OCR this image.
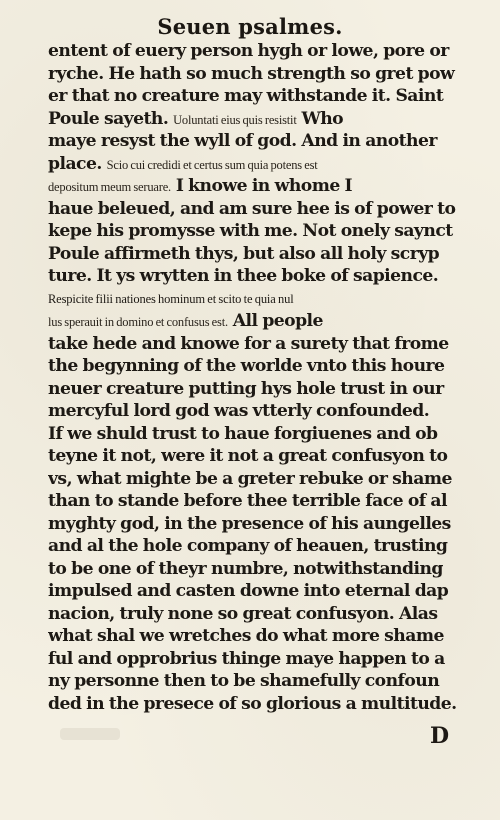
Seuen psalmes.
entent of euery person hygh or lowe, pore or
ryche. He hath so much strength so gret pow
er that no creature may withstande it. Saint
Poule sayeth. Uoluntati eius quis resistit Who
maye resyst the wyll of god. And in another
place. Scio cui credidi et certus sum quia potens est
depositum meum seruare. I knowe in whome I
haue beleued, and am sure hee is of power to
kepe his promysse with me. Not onely saynct
Poule affirmeth thys, but also all holy scryp
ture. It ys wrytten in thee boke of sapience.
Respicite filii nationes hominum et scito te quia nul
lus sperauit in domino et confusus est. All people
take hede and knowe for a surety that frome
the begynning of the worlde vnto this houre
neuer creature putting hys hole trust in our
mercyful lord god was vtterly confounded.
If we shuld trust to haue forgiuenes and ob
teyne it not, were it not a great confusyon to
vs, what mighte be a greter rebuke or shame
than to stande before thee terrible face of al
myghty god, in the presence of his aungelles
and al the hole company of heauen, trusting
to be one of theyr numbre, notwithstanding
impulsed and casten downe into eternal dap
nacion, truly none so great confusyon. Alas
what shal we wretches do what more shame
ful and opprobrius thinge maye happen to a
ny personne then to be shamefully confoun
ded in the presece of so glorious a multitude.
D
